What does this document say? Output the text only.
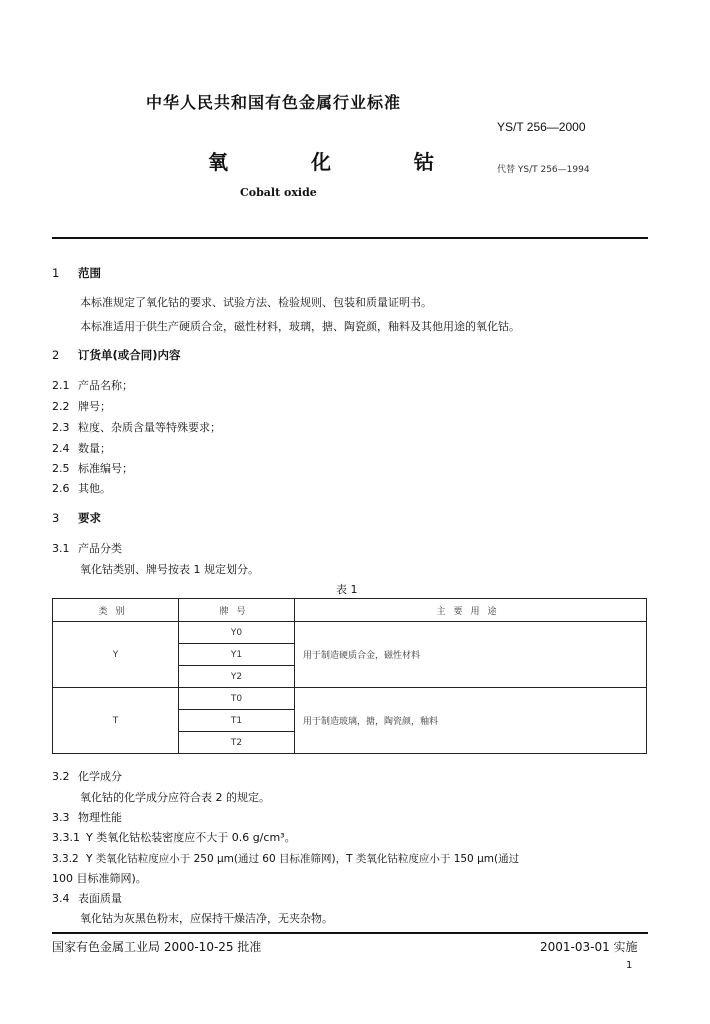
中华人民共和国有色金属行业标准
YS/T 256—2000
氧 化 钴	代替 YS/T 256—1994
Cobalt oxide
1 范围
本标准规定了氧化钴的要求、试验方法、检验规则、包装和质量证明书。
本标准适用于供生产硬质合金，磁性材料，玻璃，搪、陶瓷颜，釉料及其他用途的氧化钴。
2 订货单(或合同)内容
2.1 产品名称；
2.2 牌号；
2.3 粒度、杂质含量等特殊要求；
2.4 数量；
2.5 标准编号；
2.6 其他。
3 要求
3.1 产品分类
氧化钴类别、牌号按表 1 规定划分。
表 1
类别	牌号	主要用途
Y	Y0	用于制造硬质合金，磁性材料
	Y1	
	Y2	
T	T0	用于制造玻璃，搪，陶瓷颜，釉料
	T1	
	T2	
3.2 化学成分
氧化钴的化学成分应符合表 2 的规定。
3.3 物理性能
3.3.1 Y 类氧化钴松装密度应不大于 0.6 g/cm³。
3.3.2 Y 类氧化钴粒度应小于 250 μm(通过 60 目标准筛网)，T 类氧化钴粒度应小于 150 μm(通过
100 目标准筛网)。
3.4 表面质量
氧化钴为灰黑色粉末，应保持干燥洁净，无夹杂物。
国家有色金属工业局 2000-10-25 批准	2001-03-01 实施
1
